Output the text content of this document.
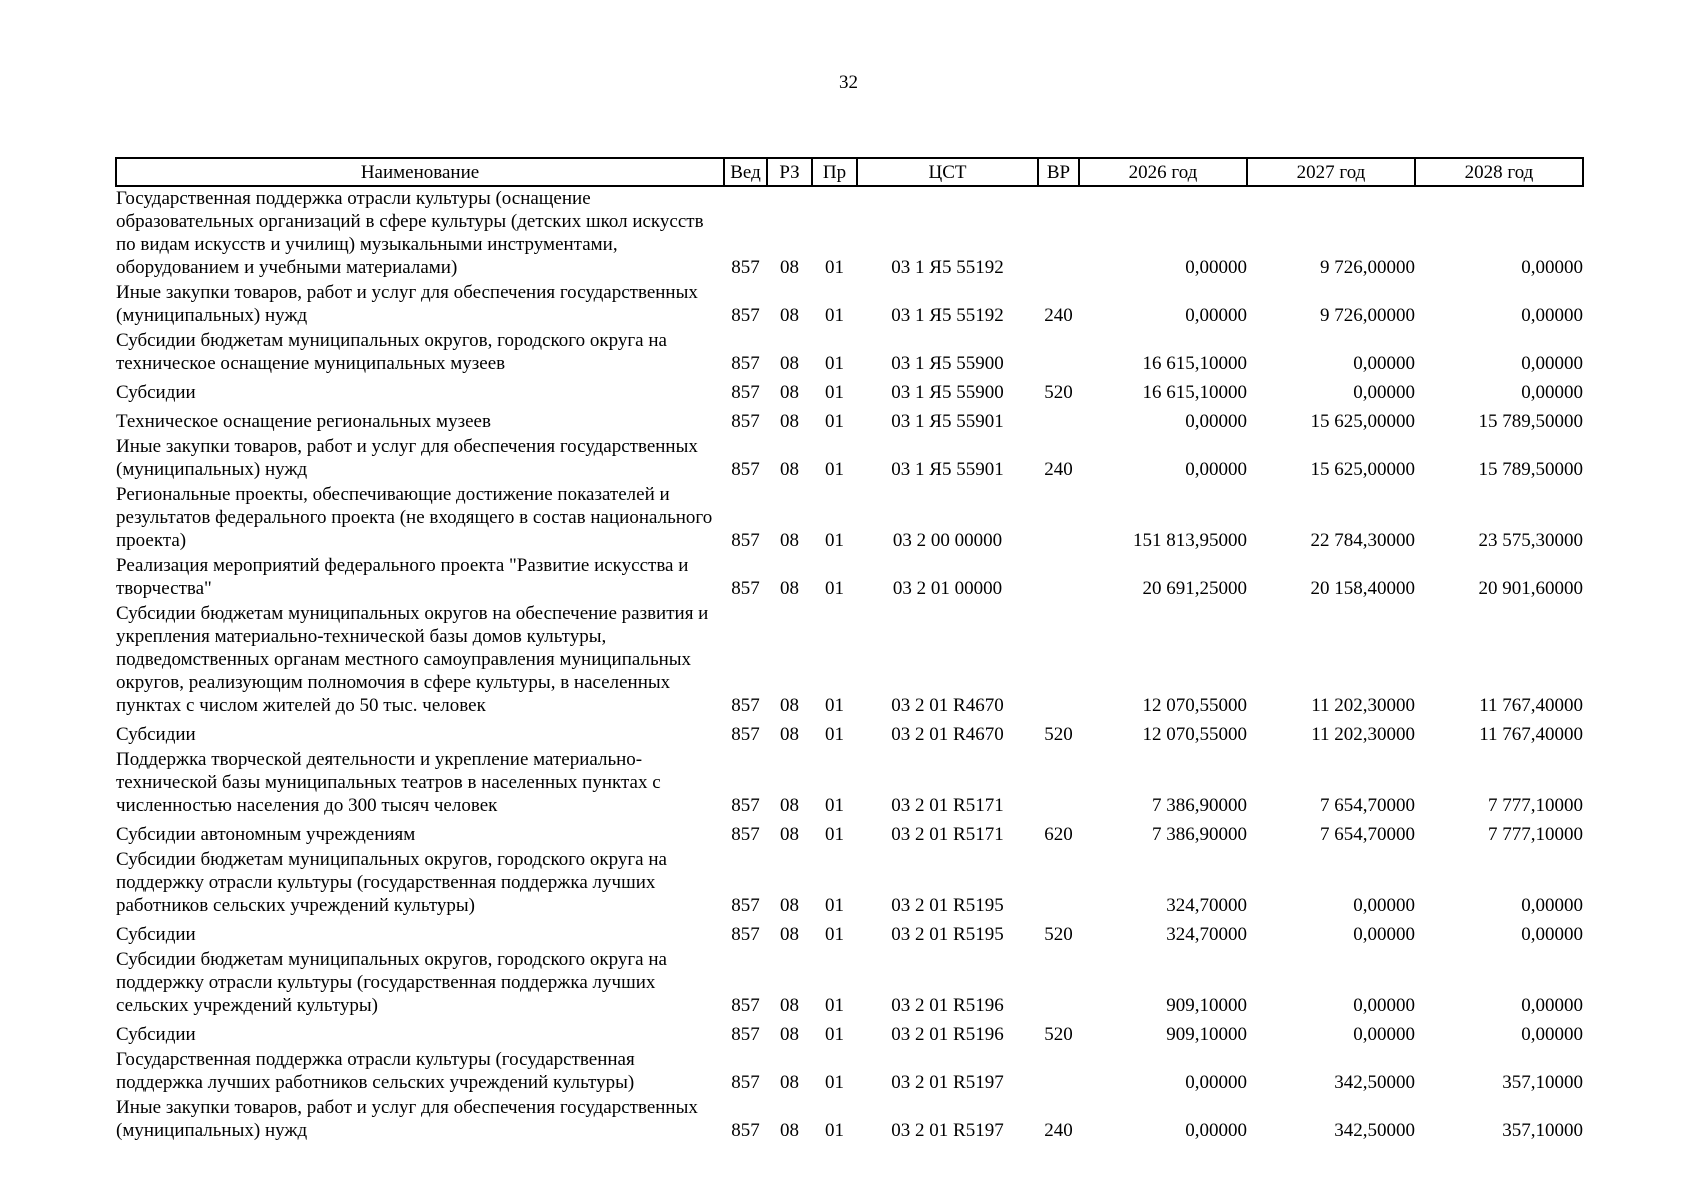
32
Наименование	Вед	РЗ	Пр	ЦСТ	ВР	2026 год	2027 год	2028 год
Государственная поддержка отрасли культуры (оснащение образовательных организаций в сфере культуры (детских школ искусств по видам искусств и училищ) музыкальными инструментами, оборудованием и учебными материалами)	857	08	01	03 1 Я5 55192		0,00000	9 726,00000	0,00000
Иные закупки товаров, работ и услуг для обеспечения государственных (муниципальных) нужд	857	08	01	03 1 Я5 55192	240	0,00000	9 726,00000	0,00000
Субсидии бюджетам муниципальных округов, городского округа на техническое оснащение муниципальных музеев	857	08	01	03 1 Я5 55900		16 615,10000	0,00000	0,00000
Субсидии	857	08	01	03 1 Я5 55900	520	16 615,10000	0,00000	0,00000
Техническое оснащение региональных музеев	857	08	01	03 1 Я5 55901		0,00000	15 625,00000	15 789,50000
Иные закупки товаров, работ и услуг для обеспечения государственных (муниципальных) нужд	857	08	01	03 1 Я5 55901	240	0,00000	15 625,00000	15 789,50000
Региональные проекты, обеспечивающие достижение показателей и результатов федерального проекта (не входящего в состав национального проекта)	857	08	01	03 2 00 00000		151 813,95000	22 784,30000	23 575,30000
Реализация мероприятий федерального проекта "Развитие искусства и творчества"	857	08	01	03 2 01 00000		20 691,25000	20 158,40000	20 901,60000
Субсидии бюджетам муниципальных округов на обеспечение развития и укрепления материально-технической базы домов культуры, подведомственных органам местного самоуправления муниципальных округов, реализующим полномочия в сфере культуры, в населенных пунктах с числом жителей до 50 тыс. человек	857	08	01	03 2 01 R4670		12 070,55000	11 202,30000	11 767,40000
Субсидии	857	08	01	03 2 01 R4670	520	12 070,55000	11 202,30000	11 767,40000
Поддержка творческой деятельности и укрепление материально-технической базы муниципальных театров в населенных пунктах с численностью населения до 300 тысяч человек	857	08	01	03 2 01 R5171		7 386,90000	7 654,70000	7 777,10000
Субсидии автономным учреждениям	857	08	01	03 2 01 R5171	620	7 386,90000	7 654,70000	7 777,10000
Субсидии бюджетам муниципальных округов, городского округа на поддержку отрасли культуры (государственная поддержка лучших работников сельских учреждений культуры)	857	08	01	03 2 01 R5195		324,70000	0,00000	0,00000
Субсидии	857	08	01	03 2 01 R5195	520	324,70000	0,00000	0,00000
Субсидии бюджетам муниципальных округов, городского округа на поддержку отрасли культуры (государственная поддержка лучших сельских учреждений культуры)	857	08	01	03 2 01 R5196		909,10000	0,00000	0,00000
Субсидии	857	08	01	03 2 01 R5196	520	909,10000	0,00000	0,00000
Государственная поддержка отрасли культуры (государственная поддержка лучших работников сельских учреждений культуры)	857	08	01	03 2 01 R5197		0,00000	342,50000	357,10000
Иные закупки товаров, работ и услуг для обеспечения государственных (муниципальных) нужд	857	08	01	03 2 01 R5197	240	0,00000	342,50000	357,10000
